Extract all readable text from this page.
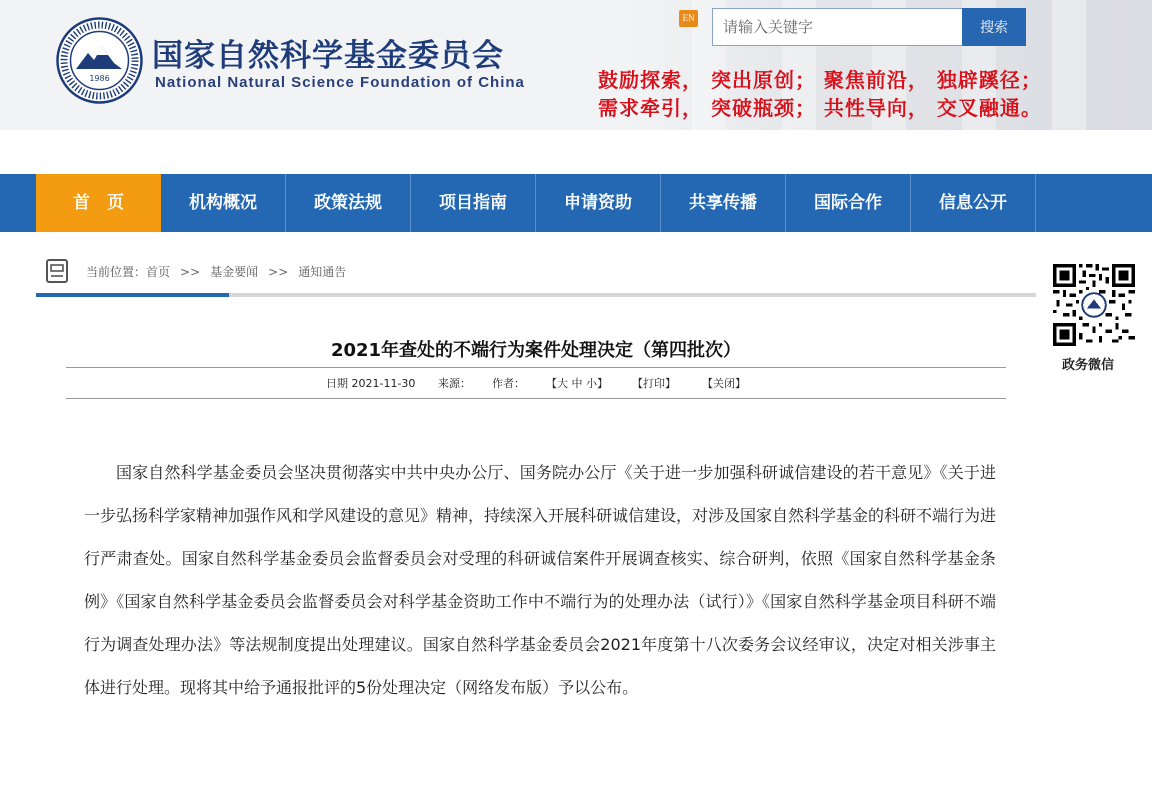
1986
国家自然科学基金委员会
National Natural Science Foundation of China
EN
请输入关键字
搜索
鼓励探索， 突出原创； 聚焦前沿， 独辟蹊径；
需求牵引， 突破瓶颈； 共性导向， 交叉融通。
首　页	机构概况	政策法规	项目指南	申请资助	共享传播	国际合作	信息公开
当前位置：首页 >> 基金要闻 >> 通知通告
政务微信
2021年查处的不端行为案件处理决定（第四批次）
日期 2021-11-30 来源： 作者： 【大 中 小】 【打印】 【关闭】
国家自然科学基金委员会坚决贯彻落实中共中央办公厅、国务院办公厅《关于进一步加强科研诚信建设的若干意见》《关于进一步弘扬科学家精神加强作风和学风建设的意见》精神，持续深入开展科研诚信建设，对涉及国家自然科学基金的科研不端行为进行严肃查处。国家自然科学基金委员会监督委员会对受理的科研诚信案件开展调查核实、综合研判，依照《国家自然科学基金条例》《国家自然科学基金委员会监督委员会对科学基金资助工作中不端行为的处理办法（试行）》《国家自然科学基金项目科研不端行为调查处理办法》等法规制度提出处理建议。国家自然科学基金委员会2021年度第十八次委务会议经审议，决定对相关涉事主体进行处理。现将其中给予通报批评的5份处理决定（网络发布版）予以公布。
